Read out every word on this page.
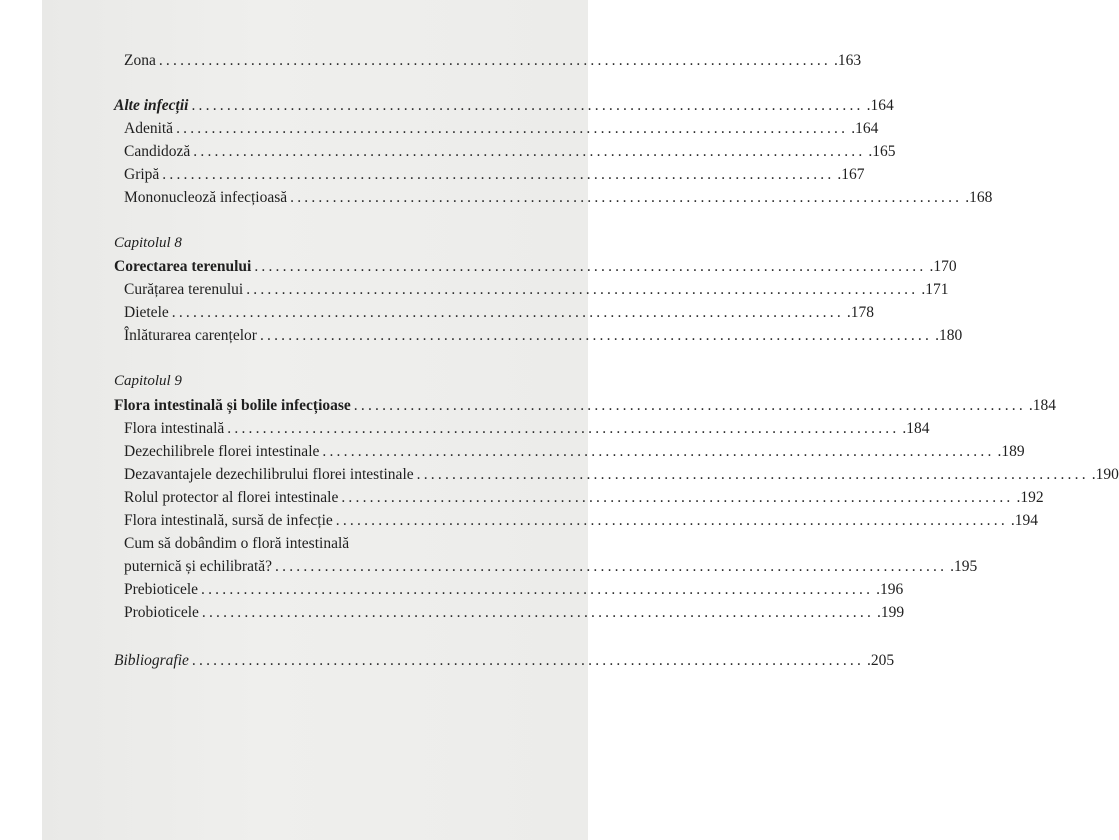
Zona ............................................................................................... .163
Alte infecții ............................................................................................... .164
Adenită ............................................................................................... .164
Candidoză ............................................................................................... .165
Gripă ............................................................................................... .167
Mononucleoză infecțioasă ............................................................................................... .168
Capitolul 8
Corectarea terenului ............................................................................................... .170
Curățarea terenului ............................................................................................... .171
Dietele ............................................................................................... .178
Înlăturarea carențelor ............................................................................................... .180
Capitolul 9
Flora intestinală și bolile infecțioase ............................................................................................... .184
Flora intestinală ............................................................................................... .184
Dezechilibrele florei intestinale ............................................................................................... .189
Dezavantajele dezechilibrului florei intestinale ............................................................................................... .190
Rolul protector al florei intestinale ............................................................................................... .192
Flora intestinală, sursă de infecție ............................................................................................... .194
Cum să dobândim o floră intestinală
puternică și echilibrată? ............................................................................................... .195
Prebioticele ............................................................................................... .196
Probioticele ............................................................................................... .199
Bibliografie ............................................................................................... .205
